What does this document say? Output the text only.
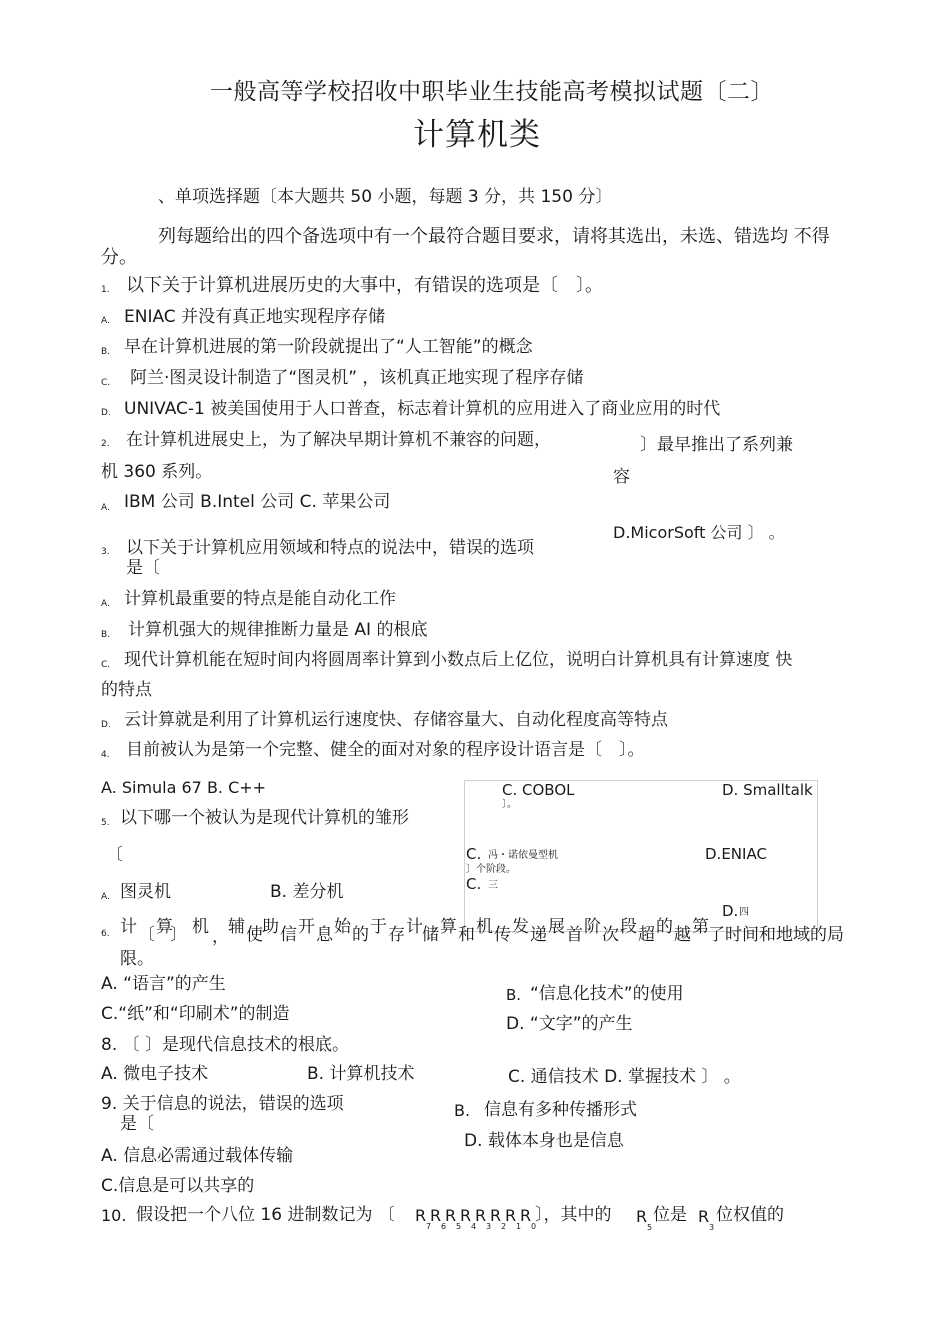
一般高等学校招收中职毕业生技能高考模拟试题〔二〕
计算机类
、单项选择题〔本大题共 50 小题，每题 3 分，共 150 分〕
列每题给出的四个备选项中有一个最符合题目要求，请将其选出，未选、错选均 不得
分。
1. 以下关于计算机进展历史的大事中，有错误的选项是〔　〕。
A. ENIAC 并没有真正地实现程序存储
B. 早在计算机进展的第一阶段就提出了“人工智能”的概念
C. 阿兰·图灵设计制造了“图灵机” ，该机真正地实现了程序存储
D. UNIVAC-1 被美国使用于人口普查，标志着计算机的应用进入了商业应用的时代
2. 在计算机进展史上，为了解决早期计算机不兼容的问题，	〕最早推出了系列兼
机 360 系列。	容
A. IBM 公司 B.Intel 公司 C. 苹果公司
D.MicorSoft 公司 〕 。
3. 以下关于计算机应用领域和特点的说法中，错误的选项
是〔
A. 计算机最重要的特点是能自动化工作
B. 计算机强大的规律推断力量是 AI 的根底
C. 现代计算机能在短时间内将圆周率计算到小数点后上亿位，说明白计算机具有计算速度 快
的特点
D. 云计算就是利用了计算机运行速度快、存储容量大、自动化程度高等特点
4. 目前被认为是第一个完整、健全的面对对象的程序设计语言是〔　〕。
A. Simula 67 B. C++	C. COBOL	D. Smalltalk
〕。
5. 以下哪一个被认为是现代计算机的雏形
〔	C. 冯・诺依曼型机	D.ENIAC
〕个阶段。
C. 三
A. 图灵机	B. 差分机
D. 四
6. 计 〔 算
〕 机 ， 辅 使 助 信 开 息 始 的 于 存 计 储 算 和 机 传 发 递 展 首 阶 次 段 超 的 越 第 了时间和地域的局
限。
A. “语言”的产生
B. “信息化技术”的使用
C.“纸”和“印刷术”的制造	D. “文字”的产生
8. 〔 〕是现代信息技术的根底。
A. 微电子技术	B. 计算机技术	C. 通信技术 D. 掌握技术 〕 。
9. 关于信息的说法，错误的选项
是〔
B. 信息有多种传播形式
D. 载体本身也是信息
A. 信息必需通过载体传输
C.信息是可以共享的
10. 假设把一个八位 16 进制数记为 〔 R
7
R
6
R
5
R
4
R
3
R
2
R
1
R
0
〕，其中的 R
5
位是 R
3
位权值的
